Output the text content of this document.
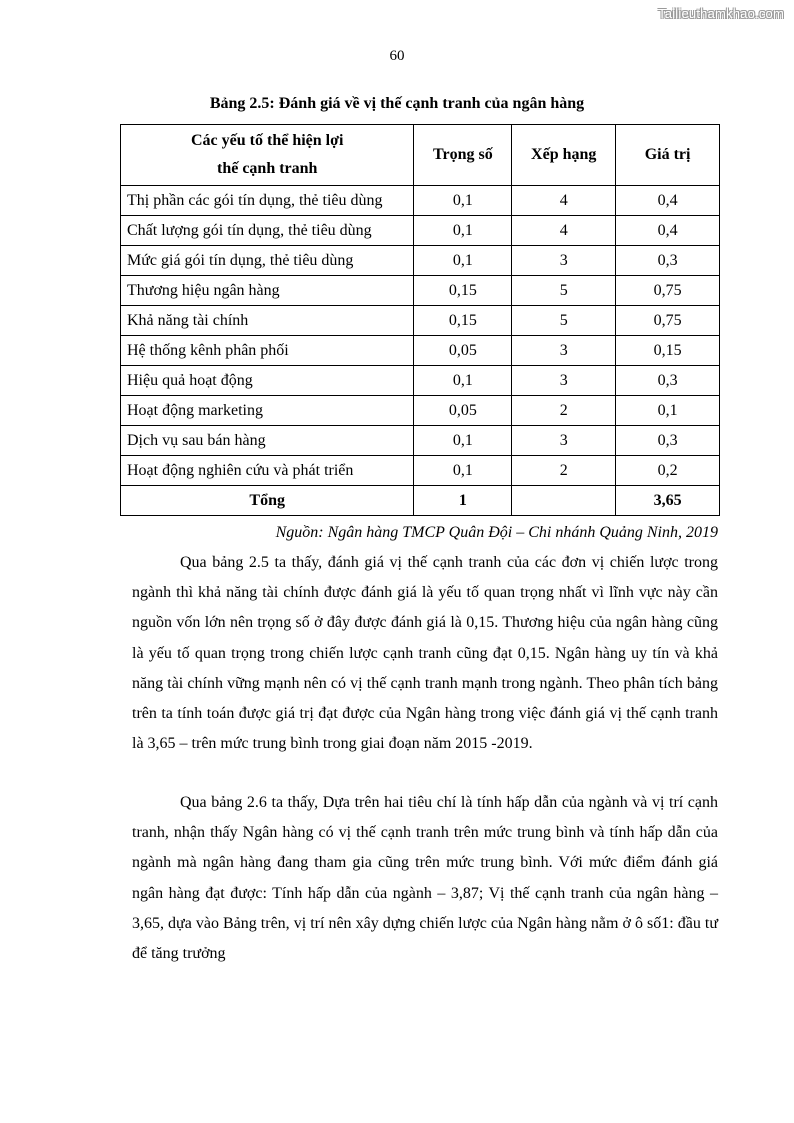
Tailieuthamkhao.com
60
Bảng 2.5: Đánh giá về vị thế cạnh tranh của ngân hàng
Các yếu tố thể hiện lợi
thế cạnh tranh	Trọng số	Xếp hạng	Giá trị
Thị phần các gói tín dụng, thẻ tiêu dùng	0,1	4	0,4
Chất lượng gói tín dụng, thẻ tiêu dùng	0,1	4	0,4
Mức giá gói tín dụng, thẻ tiêu dùng	0,1	3	0,3
Thương hiệu ngân hàng	0,15	5	0,75
Khả năng tài chính	0,15	5	0,75
Hệ thống kênh phân phối	0,05	3	0,15
Hiệu quả hoạt động	0,1	3	0,3
Hoạt động marketing	0,05	2	0,1
Dịch vụ sau bán hàng	0,1	3	0,3
Hoạt động nghiên cứu và phát triển	0,1	2	0,2
Tổng	1		3,65
Nguồn: Ngân hàng TMCP Quân Đội – Chi nhánh Quảng Ninh, 2019

Qua bảng 2.5 ta thấy, đánh giá vị thế cạnh tranh của các đơn vị chiến lược trong ngành thì khả năng tài chính được đánh giá là yếu tố quan trọng nhất vì lĩnh vực này cần nguồn vốn lớn nên trọng số ở đây được đánh giá là 0,15. Thương hiệu của ngân hàng cũng là yếu tố quan trọng trong chiến lược cạnh tranh cũng đạt 0,15. Ngân hàng uy tín và khả năng tài chính vững mạnh nên có vị thế cạnh tranh mạnh trong ngành. Theo phân tích bảng trên ta tính toán được giá trị đạt được của Ngân hàng trong việc đánh giá vị thế cạnh tranh là 3,65 – trên mức trung bình trong giai đoạn năm 2015 -2019.

Qua bảng 2.6 ta thấy, Dựa trên hai tiêu chí là tính hấp dẫn của ngành và vị trí cạnh tranh, nhận thấy Ngân hàng có vị thế cạnh tranh trên mức trung bình và tính hấp dẫn của ngành mà ngân hàng đang tham gia cũng trên mức trung bình. Với mức điểm đánh giá ngân hàng đạt được: Tính hấp dẫn của ngành – 3,87; Vị thế cạnh tranh của ngân hàng – 3,65, dựa vào Bảng trên, vị trí nên xây dựng chiến lược của Ngân hàng nằm ở ô số1: đầu tư để tăng trưởng
